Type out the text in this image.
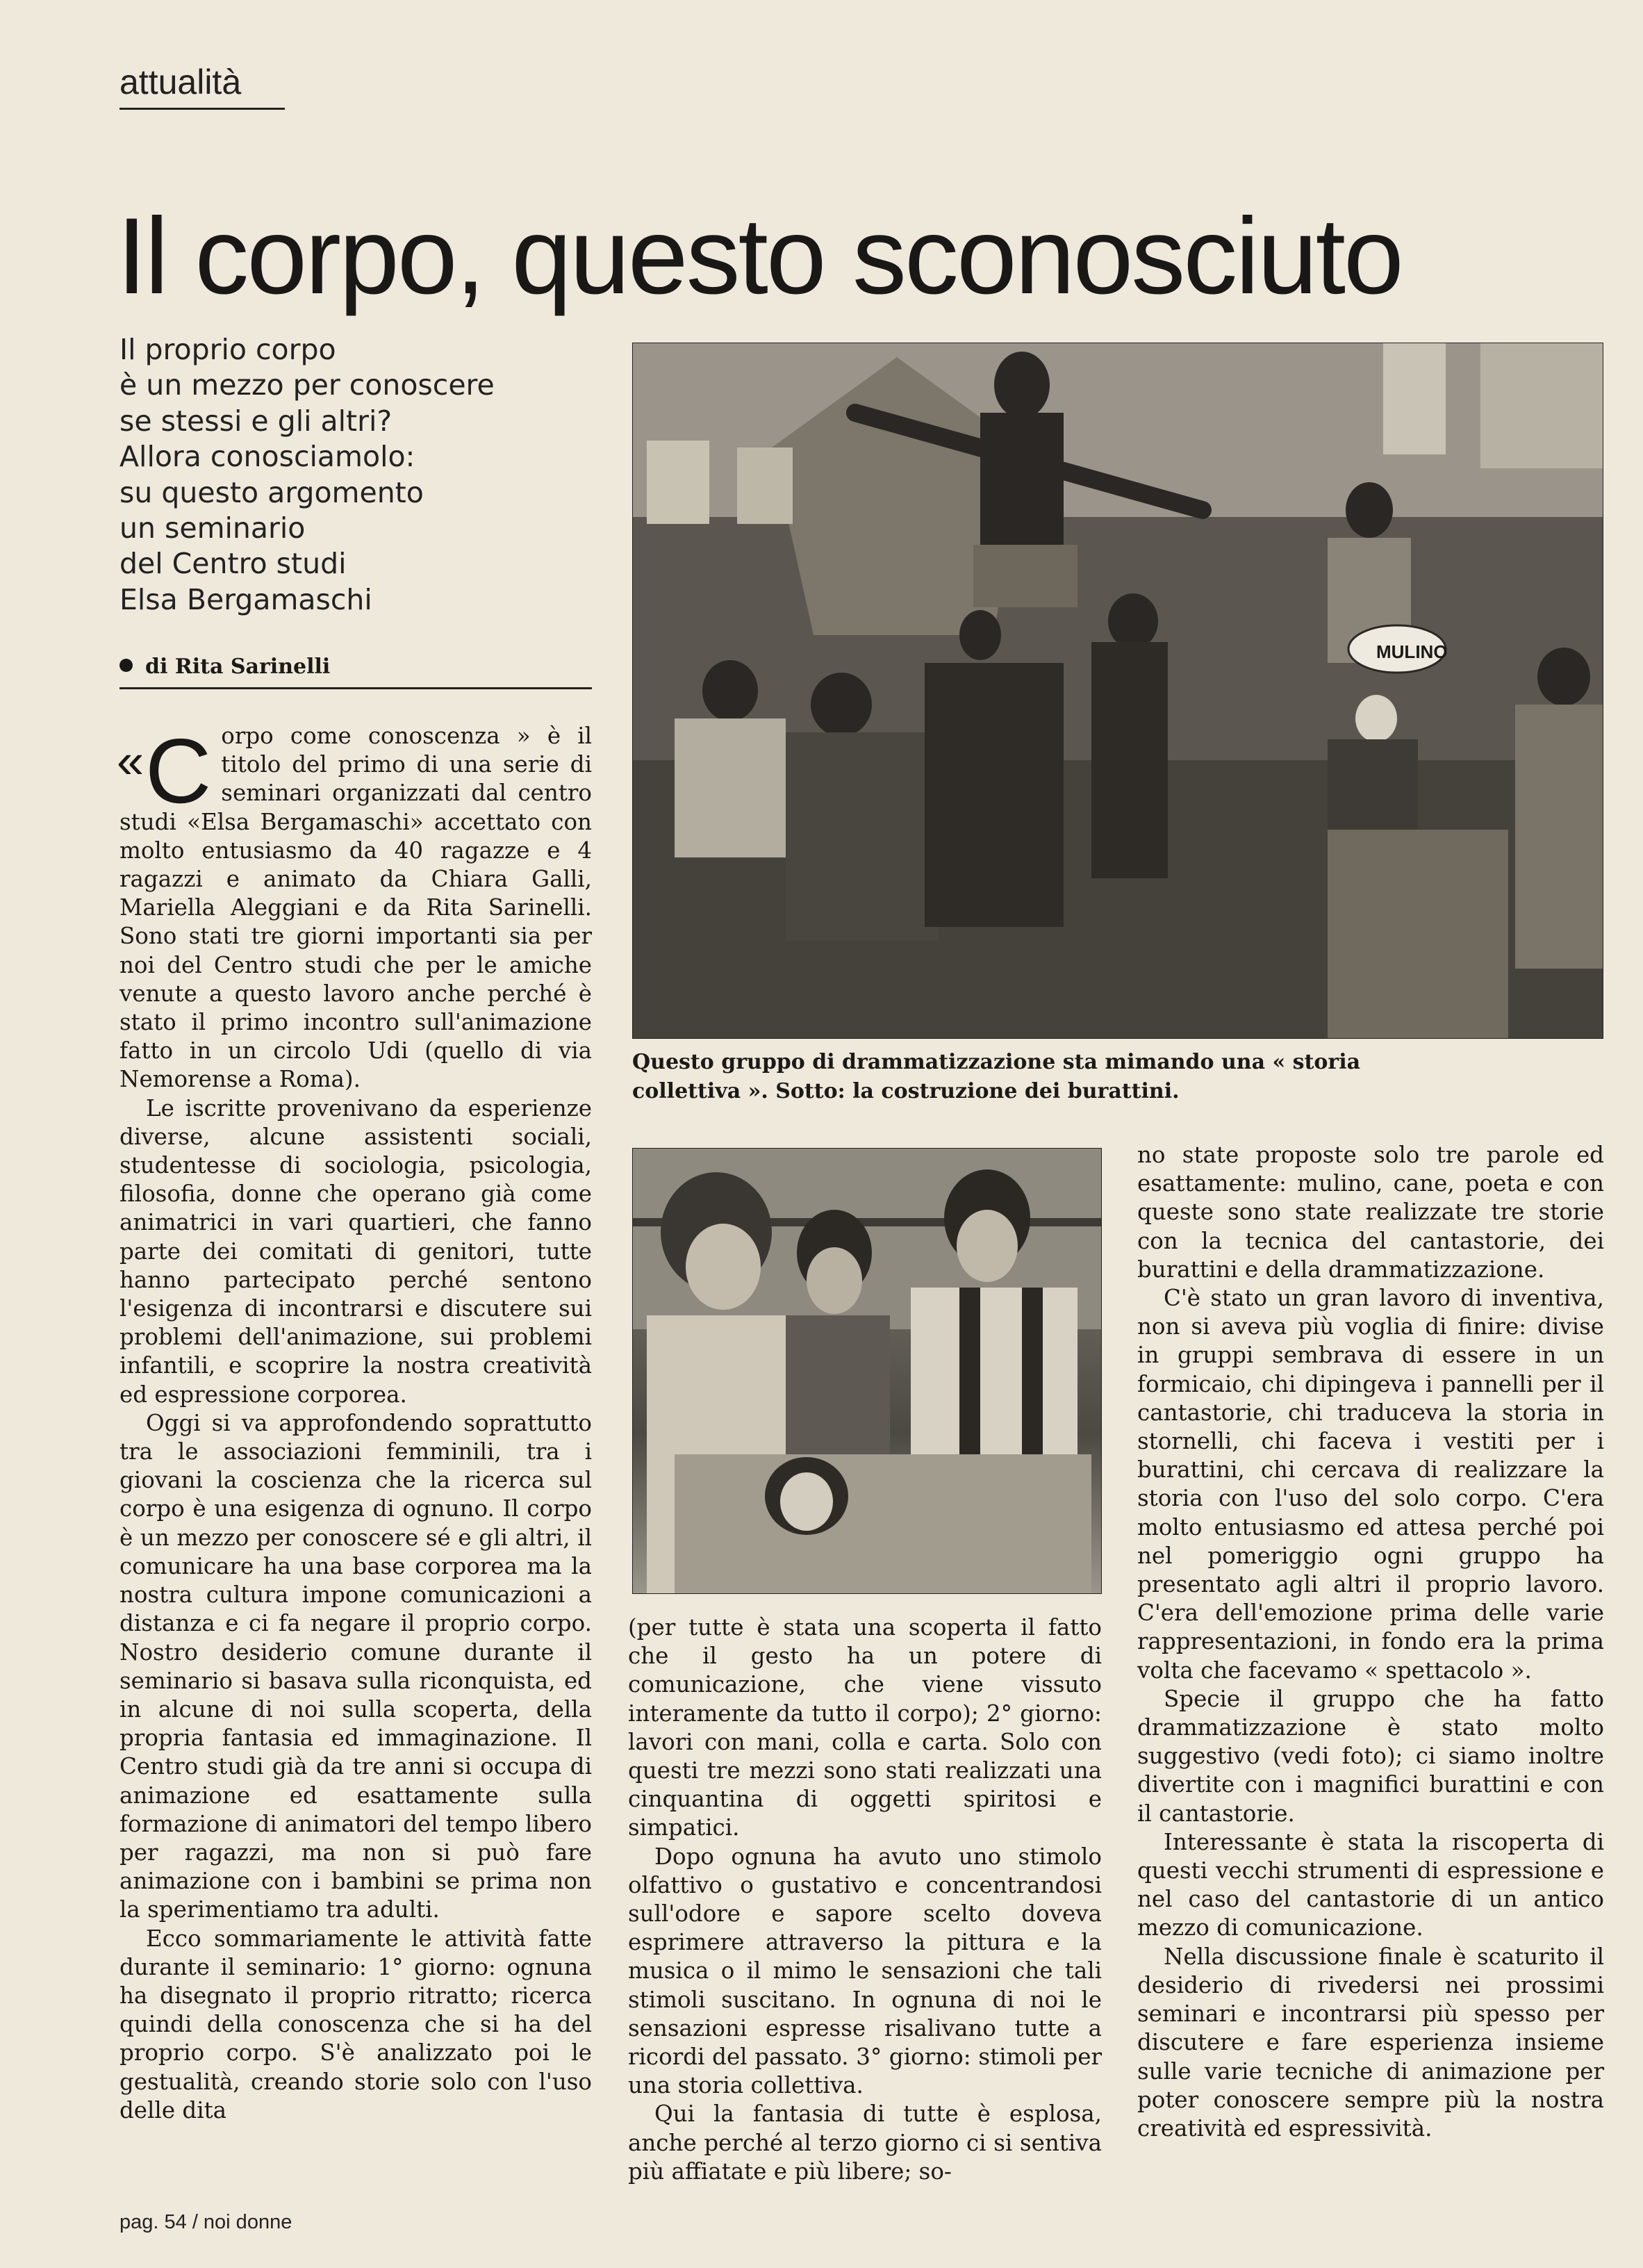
attualità
Il corpo, questo sconosciuto
Il proprio corpo
è un mezzo per conoscere
se stessi e gli altri?
Allora conosciamolo:
su questo argomento
un seminario
del Centro studi
Elsa Bergamaschi
di Rita Sarinelli

«C orpo come conoscenza » è il titolo del primo di una serie di seminari organizzati dal centro studi «Elsa Bergamaschi» accettato con molto entusiasmo da 40 ragazze e 4 ragazzi e animato da Chiara Galli, Mariella Aleggiani e da Rita Sarinelli. Sono stati tre giorni importanti sia per noi del Centro studi che per le amiche venute a questo lavoro anche perché è stato il primo incontro sull'animazione fatto in un circolo Udi (quello di via Nemorense a Roma).

Le iscritte provenivano da esperienze diverse, alcune assistenti sociali, studentesse di sociologia, psicologia, filosofia, donne che operano già come animatrici in vari quartieri, che fanno parte dei comitati di genitori, tutte hanno partecipato perché sentono l'esigenza di incontrarsi e discutere sui problemi dell'animazione, sui problemi infantili, e scoprire la nostra creatività ed espressione corporea.

Oggi si va approfondendo soprattutto tra le associazioni femminili, tra i giovani la coscienza che la ricerca sul corpo è una esigenza di ognuno. Il corpo è un mezzo per conoscere sé e gli altri, il comunicare ha una base corporea ma la nostra cultura impone comunicazioni a distanza e ci fa negare il proprio corpo. Nostro desiderio comune durante il seminario si basava sulla riconquista, ed in alcune di noi sulla scoperta, della propria fantasia ed immaginazione. Il Centro studi già da tre anni si occupa di animazione ed esattamente sulla formazione di animatori del tempo libero per ragazzi, ma non si può fare animazione con i bambini se prima non la sperimentiamo tra adulti.

Ecco sommariamente le attività fatte durante il seminario: 1° giorno: ognuna ha disegnato il proprio ritratto; ricerca quindi della conoscenza che si ha del proprio corpo. S'è analizzato poi le gestualità, creando storie solo con l'uso delle dita

MULINO
Questo gruppo di drammatizzazione sta mimando una « storia
collettiva ». Sotto: la costruzione dei burattini.

(per tutte è stata una scoperta il fatto che il gesto ha un potere di comunicazione, che viene vissuto interamente da tutto il corpo); 2° giorno: lavori con mani, colla e carta. Solo con questi tre mezzi sono stati realizzati una cinquantina di oggetti spiritosi e simpatici.

Dopo ognuna ha avuto uno stimolo olfattivo o gustativo e concentrandosi sull'odore e sapore scelto doveva esprimere attraverso la pittura e la musica o il mimo le sensazioni che tali stimoli suscitano. In ognuna di noi le sensazioni espresse risalivano tutte a ricordi del passato. 3° giorno: stimoli per una storia collettiva.

Qui la fantasia di tutte è esplosa, anche perché al terzo giorno ci si sentiva più affiatate e più libere; so-

no state proposte solo tre parole ed esattamente: mulino, cane, poeta e con queste sono state realizzate tre storie con la tecnica del cantastorie, dei burattini e della drammatizzazione.

C'è stato un gran lavoro di inventiva, non si aveva più voglia di finire: divise in gruppi sembrava di essere in un formicaio, chi dipingeva i pannelli per il cantastorie, chi traduceva la storia in stornelli, chi faceva i vestiti per i burattini, chi cercava di realizzare la storia con l'uso del solo corpo. C'era molto entusiasmo ed attesa perché poi nel pomeriggio ogni gruppo ha presentato agli altri il proprio lavoro. C'era dell'emozione prima delle varie rappresentazioni, in fondo era la prima volta che facevamo « spettacolo ».

Specie il gruppo che ha fatto drammatizzazione è stato molto suggestivo (vedi foto); ci siamo inoltre divertite con i magnifici burattini e con il cantastorie.

Interessante è stata la riscoperta di questi vecchi strumenti di espressione e nel caso del cantastorie di un antico mezzo di comunicazione.

Nella discussione finale è scaturito il desiderio di rivedersi nei prossimi seminari e incontrarsi più spesso per discutere e fare esperienza insieme sulle varie tecniche di animazione per poter conoscere sempre più la nostra creatività ed espressività.

pag. 54 / noi donne
